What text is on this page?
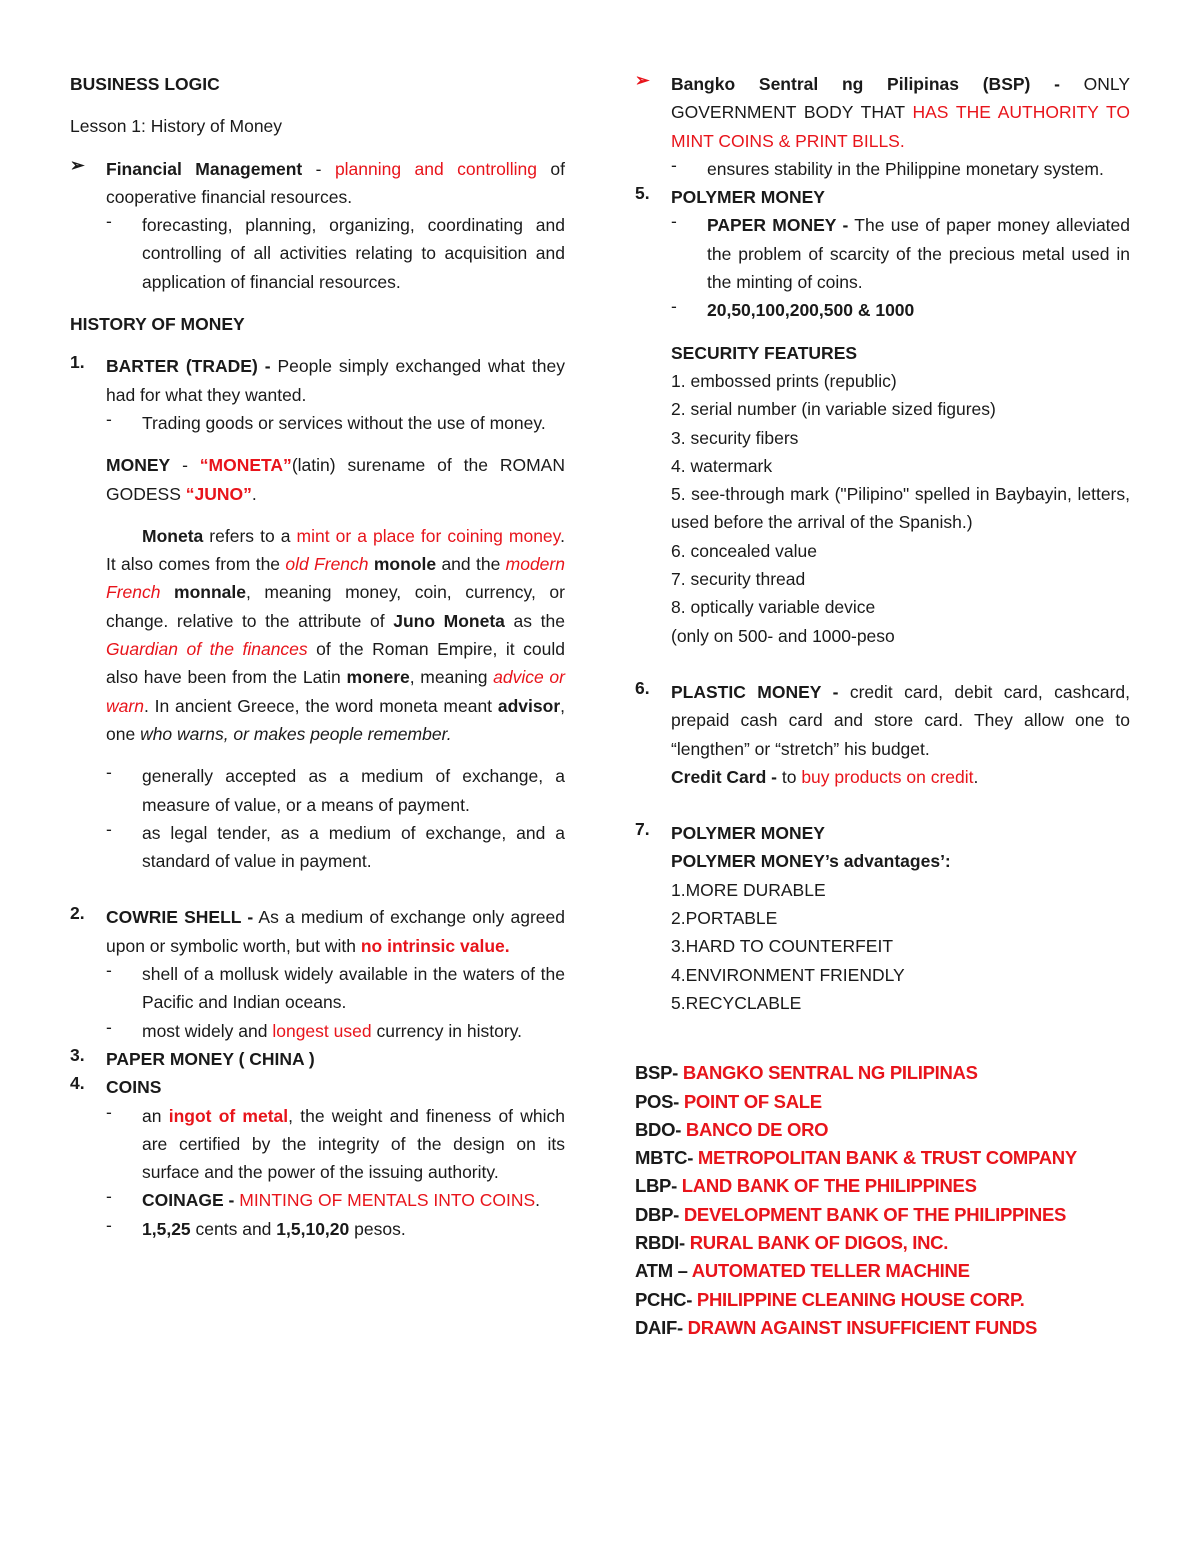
BUSINESS LOGIC

Lesson 1: History of Money

➢	Financial Management - planning and controlling of cooperative financial resources.

-	forecasting, planning, organizing, coordinating and controlling of all activities relating to acquisition and application of financial resources.

HISTORY OF MONEY

1.	BARTER (TRADE) - People simply exchanged what they had for what they wanted.

-	Trading goods or services without the use of money.

MONEY - “MONETA”(latin) surename of the ROMAN GODESS “JUNO”.

Moneta refers to a mint or a place for coining money. It also comes from the old French monole and the modern French monnale, meaning money, coin, currency, or change. relative to the attribute of Juno Moneta as the Guardian of the finances of the Roman Empire, it could also have been from the Latin monere, meaning advice or warn. In ancient Greece, the word moneta meant advisor, one who warns, or makes people remember.

-	generally accepted as a medium of exchange, a measure of value, or a means of payment.

-	as legal tender, as a medium of exchange, and a standard of value in payment.

2.	COWRIE SHELL - As a medium of exchange only agreed upon or symbolic worth, but with no intrinsic value.

-	shell of a mollusk widely available in the waters of the Pacific and Indian oceans.

-	most widely and longest used currency in history.

3.	PAPER MONEY ( CHINA )

4.	COINS

-	an ingot of metal, the weight and fineness of which are certified by the integrity of the design on its surface and the power of the issuing authority.

-	COINAGE - MINTING OF MENTALS INTO COINS.

-	1,5,25 cents and 1,5,10,20 pesos.

➢	Bangko Sentral ng Pilipinas (BSP) - ONLY GOVERNMENT BODY THAT HAS THE AUTHORITY TO MINT COINS & PRINT BILLS.

-	ensures stability in the Philippine monetary system.

5.	POLYMER MONEY

-	PAPER MONEY - The use of paper money alleviated the problem of scarcity of the precious metal used in the minting of coins.

-	20,50,100,200,500 & 1000

SECURITY FEATURES

1. embossed prints (republic)

2. serial number (in variable sized figures)

3. security fibers

4. watermark

5. see-through mark ("Pilipino" spelled in Baybayin, letters, used before the arrival of the Spanish.)

6. concealed value

7. security thread

8. optically variable device

(only on 500- and 1000-peso

6.	PLASTIC MONEY - credit card, debit card, cashcard, prepaid cash card and store card. They allow one to “lengthen” or “stretch” his budget.

Credit Card - to buy products on credit.

7.	POLYMER MONEY

POLYMER MONEY’s advantages’:

1.MORE DURABLE

2.PORTABLE

3.HARD TO COUNTERFEIT

4.ENVIRONMENT FRIENDLY

5.RECYCLABLE

BSP- BANGKO SENTRAL NG PILIPINAS

POS- POINT OF SALE

BDO- BANCO DE ORO

MBTC- METROPOLITAN BANK & TRUST COMPANY

LBP- LAND BANK OF THE PHILIPPINES

DBP- DEVELOPMENT BANK OF THE PHILIPPINES

RBDI- RURAL BANK OF DIGOS, INC.

ATM – AUTOMATED TELLER MACHINE

PCHC- PHILIPPINE CLEANING HOUSE CORP.

DAIF- DRAWN AGAINST INSUFFICIENT FUNDS
